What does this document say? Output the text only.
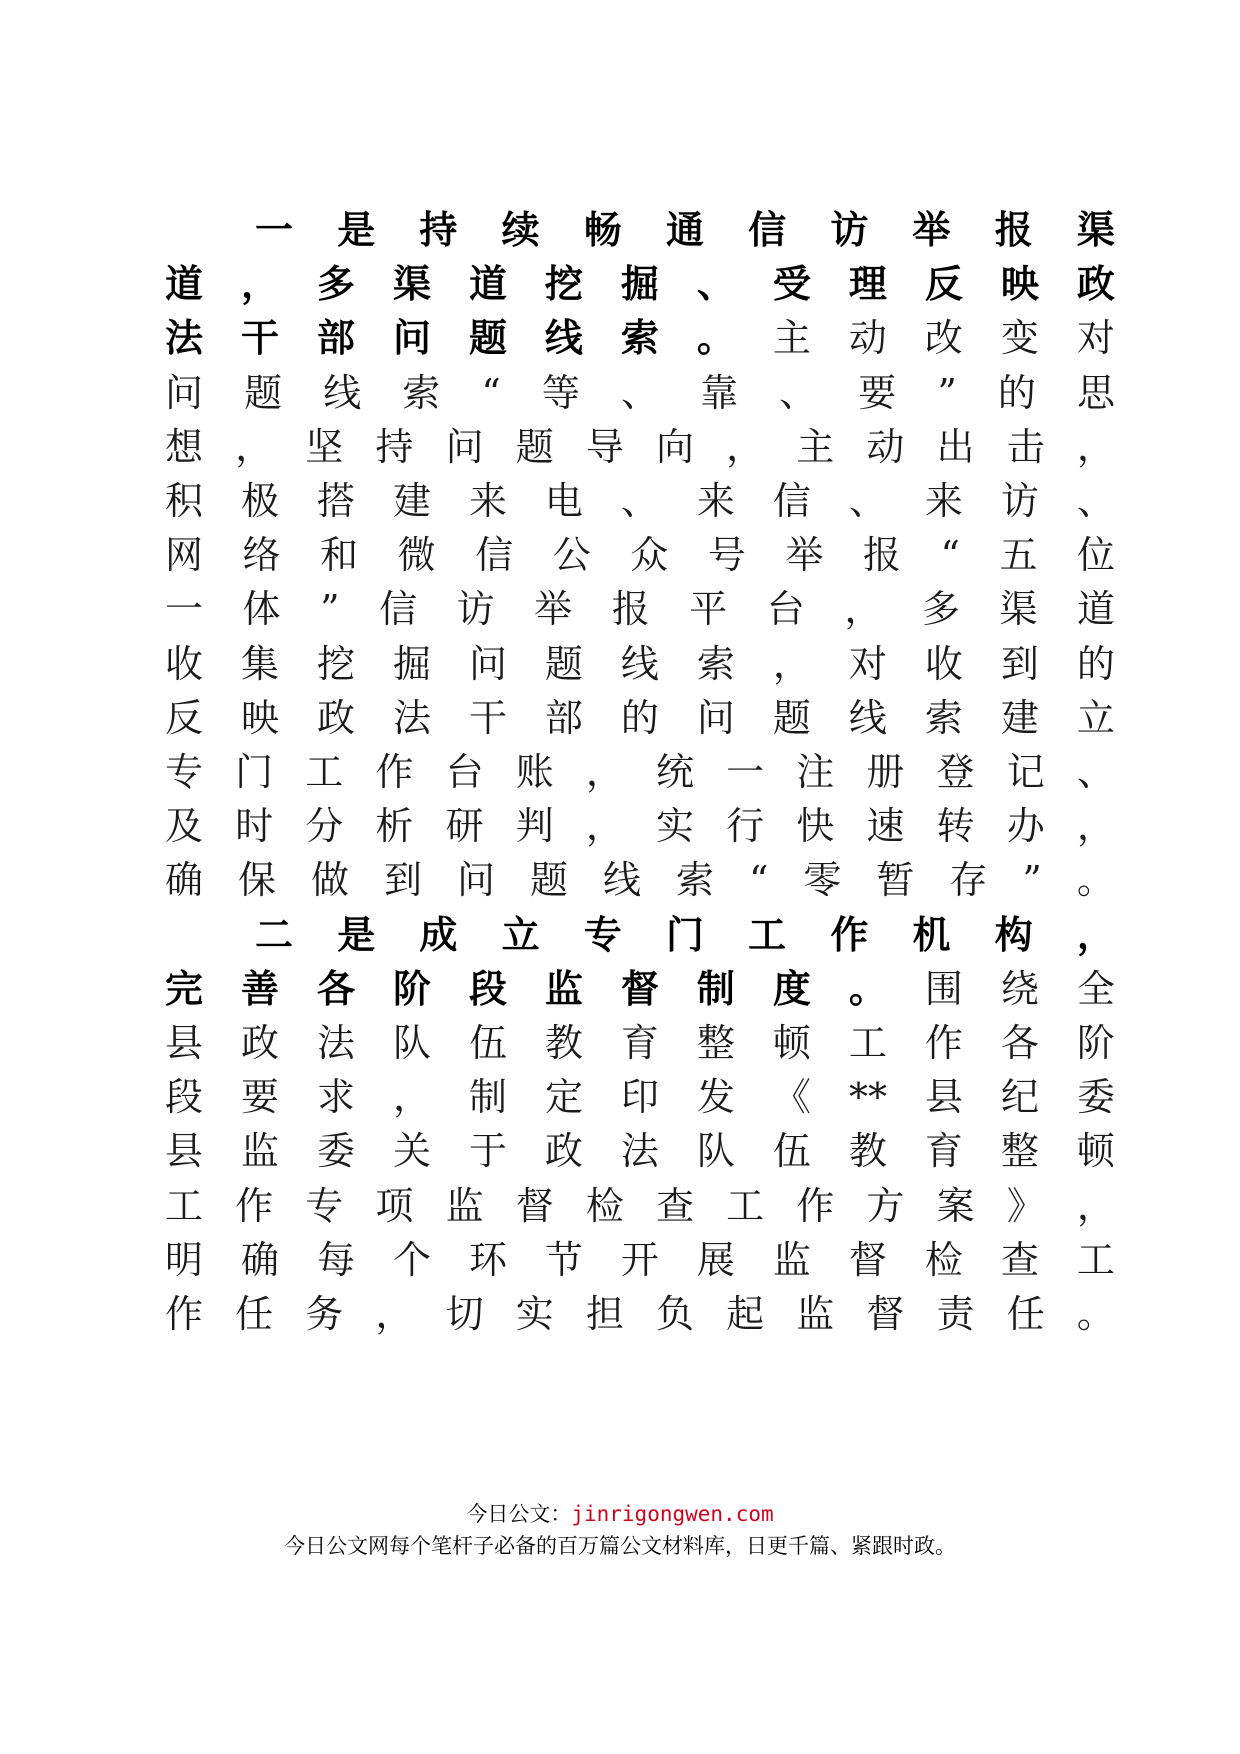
一 是 持 续 畅 通 信 访 举 报 渠
道 ， 多 渠 道 挖 掘 、 受 理 反 映 政
法 干 部 问 题 线 索 。 主 动 改 变 对
问 题 线 索 “ 等 、 靠 、 要 ” 的 思
想 ， 坚 持 问 题 导 向 ， 主 动 出 击 ，
积 极 搭 建 来 电 、 来 信 、 来 访 、
网 络 和 微 信 公 众 号 举 报 “ 五 位
一 体 ” 信 访 举 报 平 台 ， 多 渠 道
收 集 挖 掘 问 题 线 索 ， 对 收 到 的
反 映 政 法 干 部 的 问 题 线 索 建 立
专 门 工 作 台 账 ， 统 一 注 册 登 记 、
及 时 分 析 研 判 ， 实 行 快 速 转 办 ，
确 保 做 到 问 题 线 索 “ 零 暂 存 ” 。
二 是 成 立 专 门 工 作 机 构 ，
完 善 各 阶 段 监 督 制 度 。 围 绕 全
县 政 法 队 伍 教 育 整 顿 工 作 各 阶
段 要 求 ， 制 定 印 发 《 ** 县 纪 委
县 监 委 关 于 政 法 队 伍 教 育 整 顿
工 作 专 项 监 督 检 查 工 作 方 案 》 ，
明 确 每 个 环 节 开 展 监 督 检 查 工
作 任 务 ， 切 实 担 负 起 监 督 责 任 。
今日公文：jinrigongwen.com
今日公文网每个笔杆子必备的百万篇公文材料库，日更千篇、紧跟时政。
